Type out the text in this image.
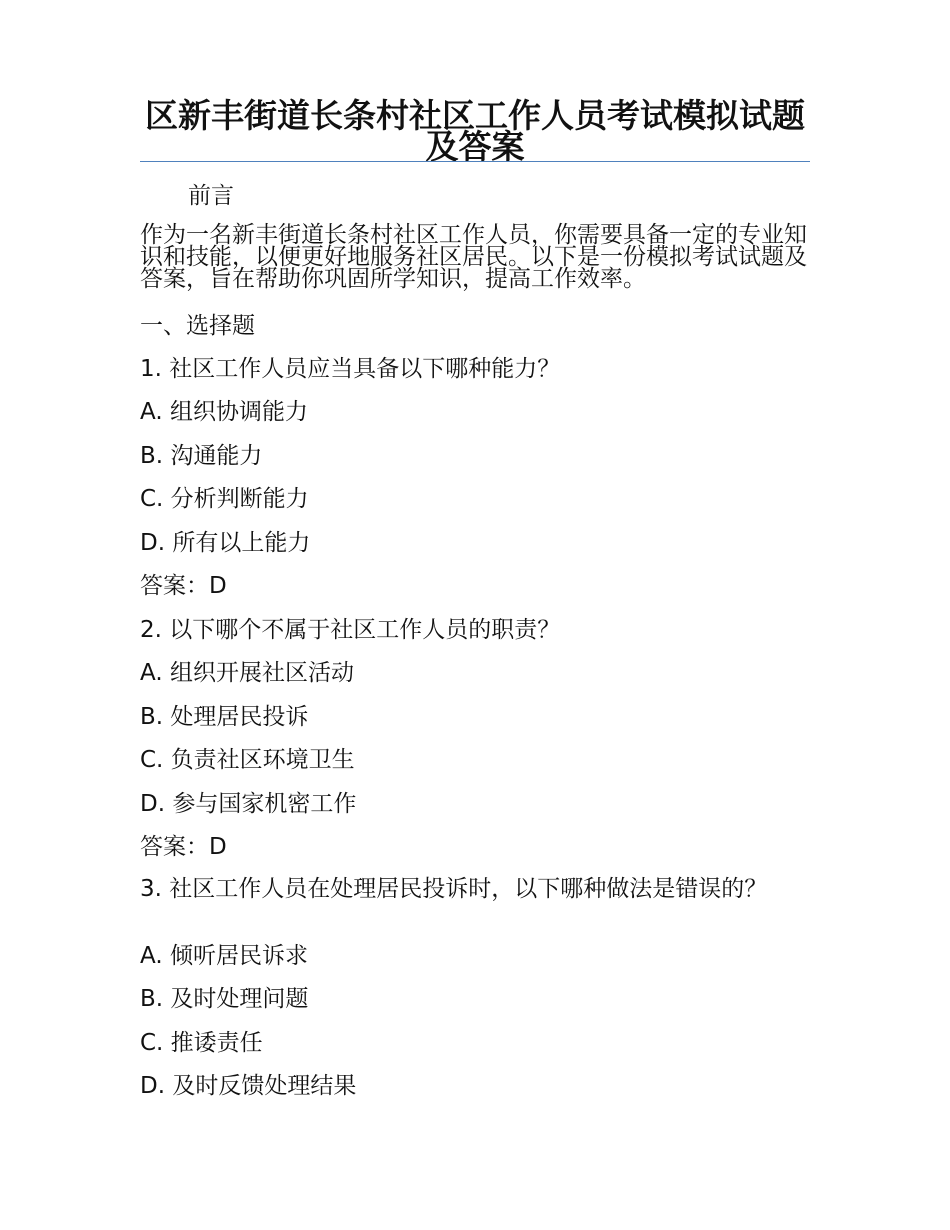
区新丰街道长条村社区工作人员考试模拟试题及答案

前言

作为一名新丰街道长条村社区工作人员，你需要具备一定的专业知识和技能，以便更好地服务社区居民。以下是一份模拟考试试题及答案，旨在帮助你巩固所学知识，提高工作效率。

一、选择题

1. 社区工作人员应当具备以下哪种能力？

A. 组织协调能力

B. 沟通能力

C. 分析判断能力

D. 所有以上能力

答案：D

2. 以下哪个不属于社区工作人员的职责？

A. 组织开展社区活动

B. 处理居民投诉

C. 负责社区环境卫生

D. 参与国家机密工作

答案：D

3. 社区工作人员在处理居民投诉时，以下哪种做法是错误的？

A. 倾听居民诉求

B. 及时处理问题

C. 推诿责任

D. 及时反馈处理结果
